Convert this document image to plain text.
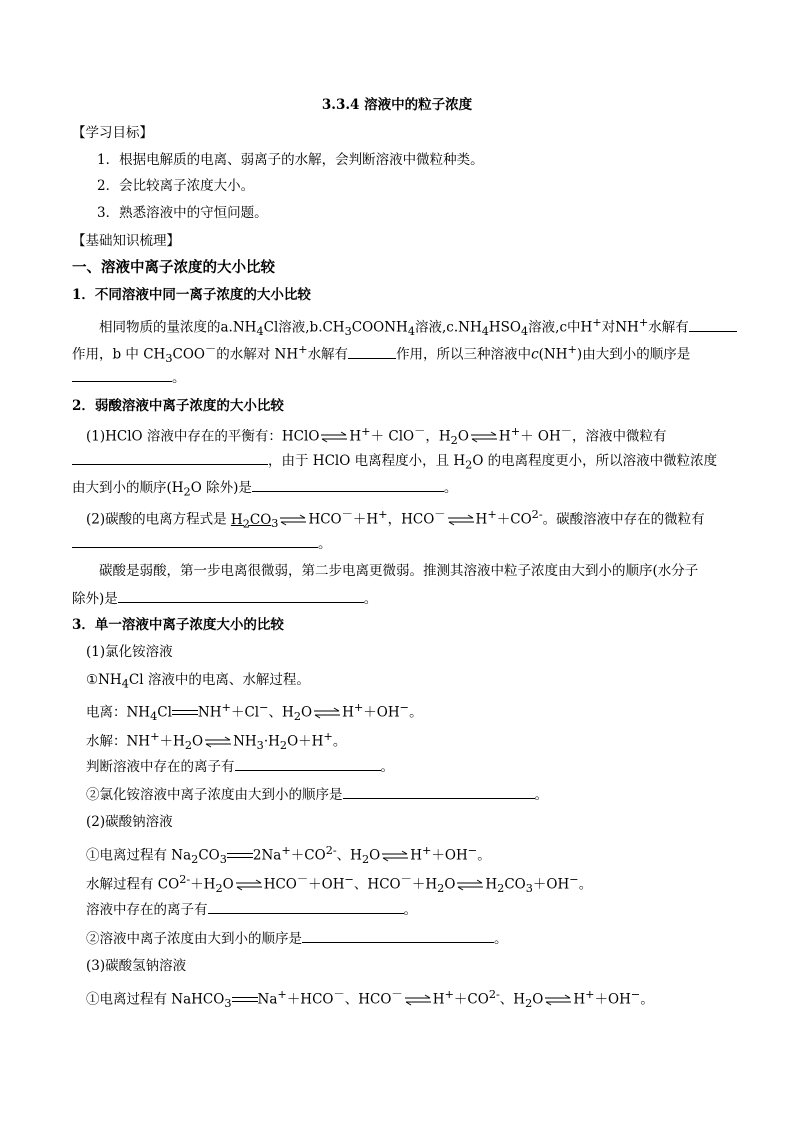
3.3.4 溶液中的粒子浓度
【学习目标】
1．根据电解质的电离、弱离子的水解，会判断溶液中微粒种类。
2．会比较离子浓度大小。
3．熟悉溶液中的守恒问题。
【基础知识梳理】
一、溶液中离子浓度的大小比较
1．不同溶液中同一离子浓度的大小比较
相同物质的量浓度的$a.NH_4Cl$溶液$,b.CH_3COONH_4$溶液$,c.NH_4HSO_4$溶液,c中H+对NH+水解有
作用，b 中 $CH_3COO^-$的水解对 NH+水解有	作用，所以三种溶液中c(NH+)由大到小的顺序是
。
2．弱酸溶液中离子浓度的大小比较
(1)HClO 溶液中存在的平衡有：HClO⇌H+＋ ClO－，$H_2O\rightleftharpoons H^++ OH^-$，溶液中微粒有
，由于 HClO 电离程度小，且 $H_2O$ 的电离程度更小，所以溶液中微粒浓度
由大到小的顺序($H_2O$ 除外)是	。
(2)碳酸的电离方程式是 $H_2CO_3\rightleftharpoons HCO^-+H^+$，$HCO^-\rightleftharpoons H^++CO^{2-}$。碳酸溶液中存在的微粒有
。
碳酸是弱酸，第一步电离很微弱，第二步电离更微弱。推测其溶液中粒子浓度由大到小的顺序(水分子
除外)是	。
3．单一溶液中离子浓度大小的比较
(1)氯化铵溶液
$①NH_4Cl$ 溶液中的电离、水解过程。
电离：$NH_4Cl$ NH+＋Cl−、$H_2O\rightleftharpoons H^++OH^-$。
水解：$NH^++H_2O\rightleftharpoons NH_3\cdot H_2O+H^+$。
判断溶液中存在的离子有	。
②氯化铵溶液中离子浓度由大到小的顺序是	。
(2)碳酸钠溶液
①电离过程有 $Na_2CO_3$ $2Na^++CO^{2-}$、$H_2O\rightleftharpoons H^++OH^-$。
水解过程有 $CO^{2-}+H_2O\rightleftharpoons HCO^-+OH^-$、$HCO^-+H_2O\rightleftharpoons H_2CO_3+OH^-$。
溶液中存在的离子有	。
②溶液中离子浓度由大到小的顺序是	。
(3)碳酸氢钠溶液
①电离过程有 NaHCO$_3$ Na+＋HCO－、$HCO^-\rightleftharpoons H^++CO^{2-}$、$H_2O\rightleftharpoons H^++OH^-$。
